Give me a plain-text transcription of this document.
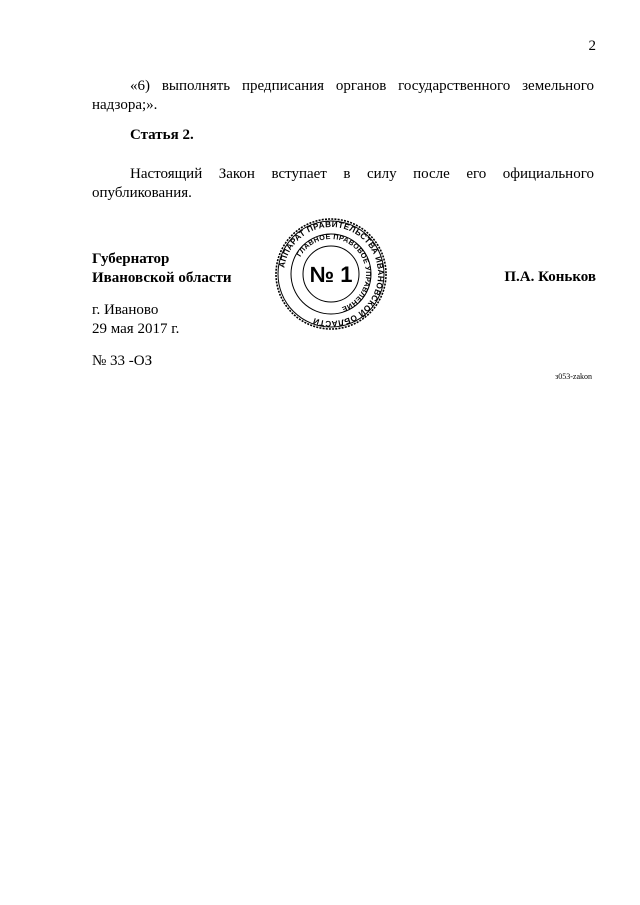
2
«6) выполнять предписания органов государственного земельного
надзора;».
Статья 2.
Настоящий Закон вступает в силу после его официального
опубликования.
Губернатор
Ивановской области	П.А. Коньков
г. Иваново
29 мая 2017 г.
№ 33 -ОЗ
з053-zakon
АППАРАТ ПРАВИТЕЛЬСТВА ИВАНОВСКОЙ ОБЛАСТИ
ГЛАВНОЕ ПРАВОВОЕ УПРАВЛЕНИЕ
№ 1
